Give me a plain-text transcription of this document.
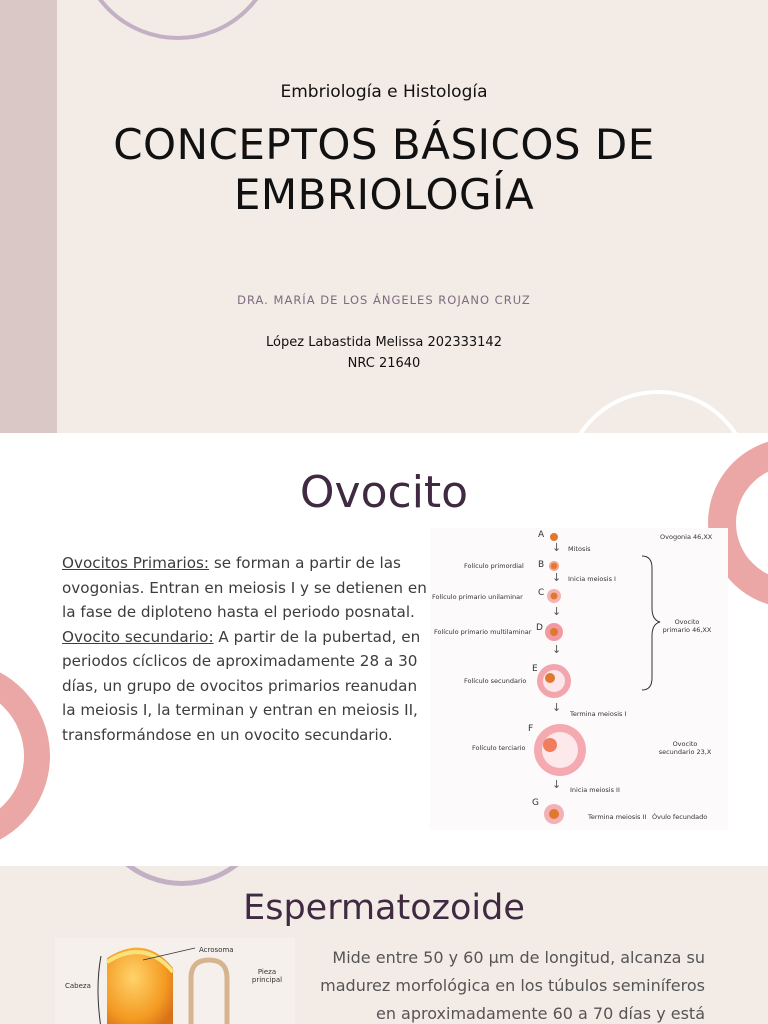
Embriología e Histología
CONCEPTOS BÁSICOS DE
EMBRIOLOGÍA
DRA. MARÍA DE LOS ÁNGELES ROJANO CRUZ
López Labastida Melissa 202333142
NRC 21640
Ovocito
Ovocitos Primarios: se forman a partir de las ovogonias. Entran en meiosis I y se detienen en la fase de diploteno hasta el periodo posnatal.
Ovocito secundario: A partir de la pubertad, en periodos cíclicos de aproximadamente 28 a 30 días, un grupo de ovocitos primarios reanudan la meiosis I, la terminan y entran en meiosis II, transformándose en un ovocito secundario.
A
B
C
D
E
F
G
↓
↓
↓
↓
↓
↓
Folículo primordial
Folículo primario unilaminar
Folículo primario multilaminar
Folículo secundario
Folículo terciario
Mitosis
Inicia meiosis I
Termina meiosis I
Inicia meiosis II
Termina meiosis II
Ovogonia 46,XX
Ovocito primario 46,XX
Ovocito secundario 23,X
Óvulo fecundado
Espermatozoide
Acrosoma
Pieza principal
Cabeza
Mide entre 50 y 60 µm de longitud, alcanza su madurez morfológica en los túbulos seminíferos en aproximadamente 60 a 70 días y está
